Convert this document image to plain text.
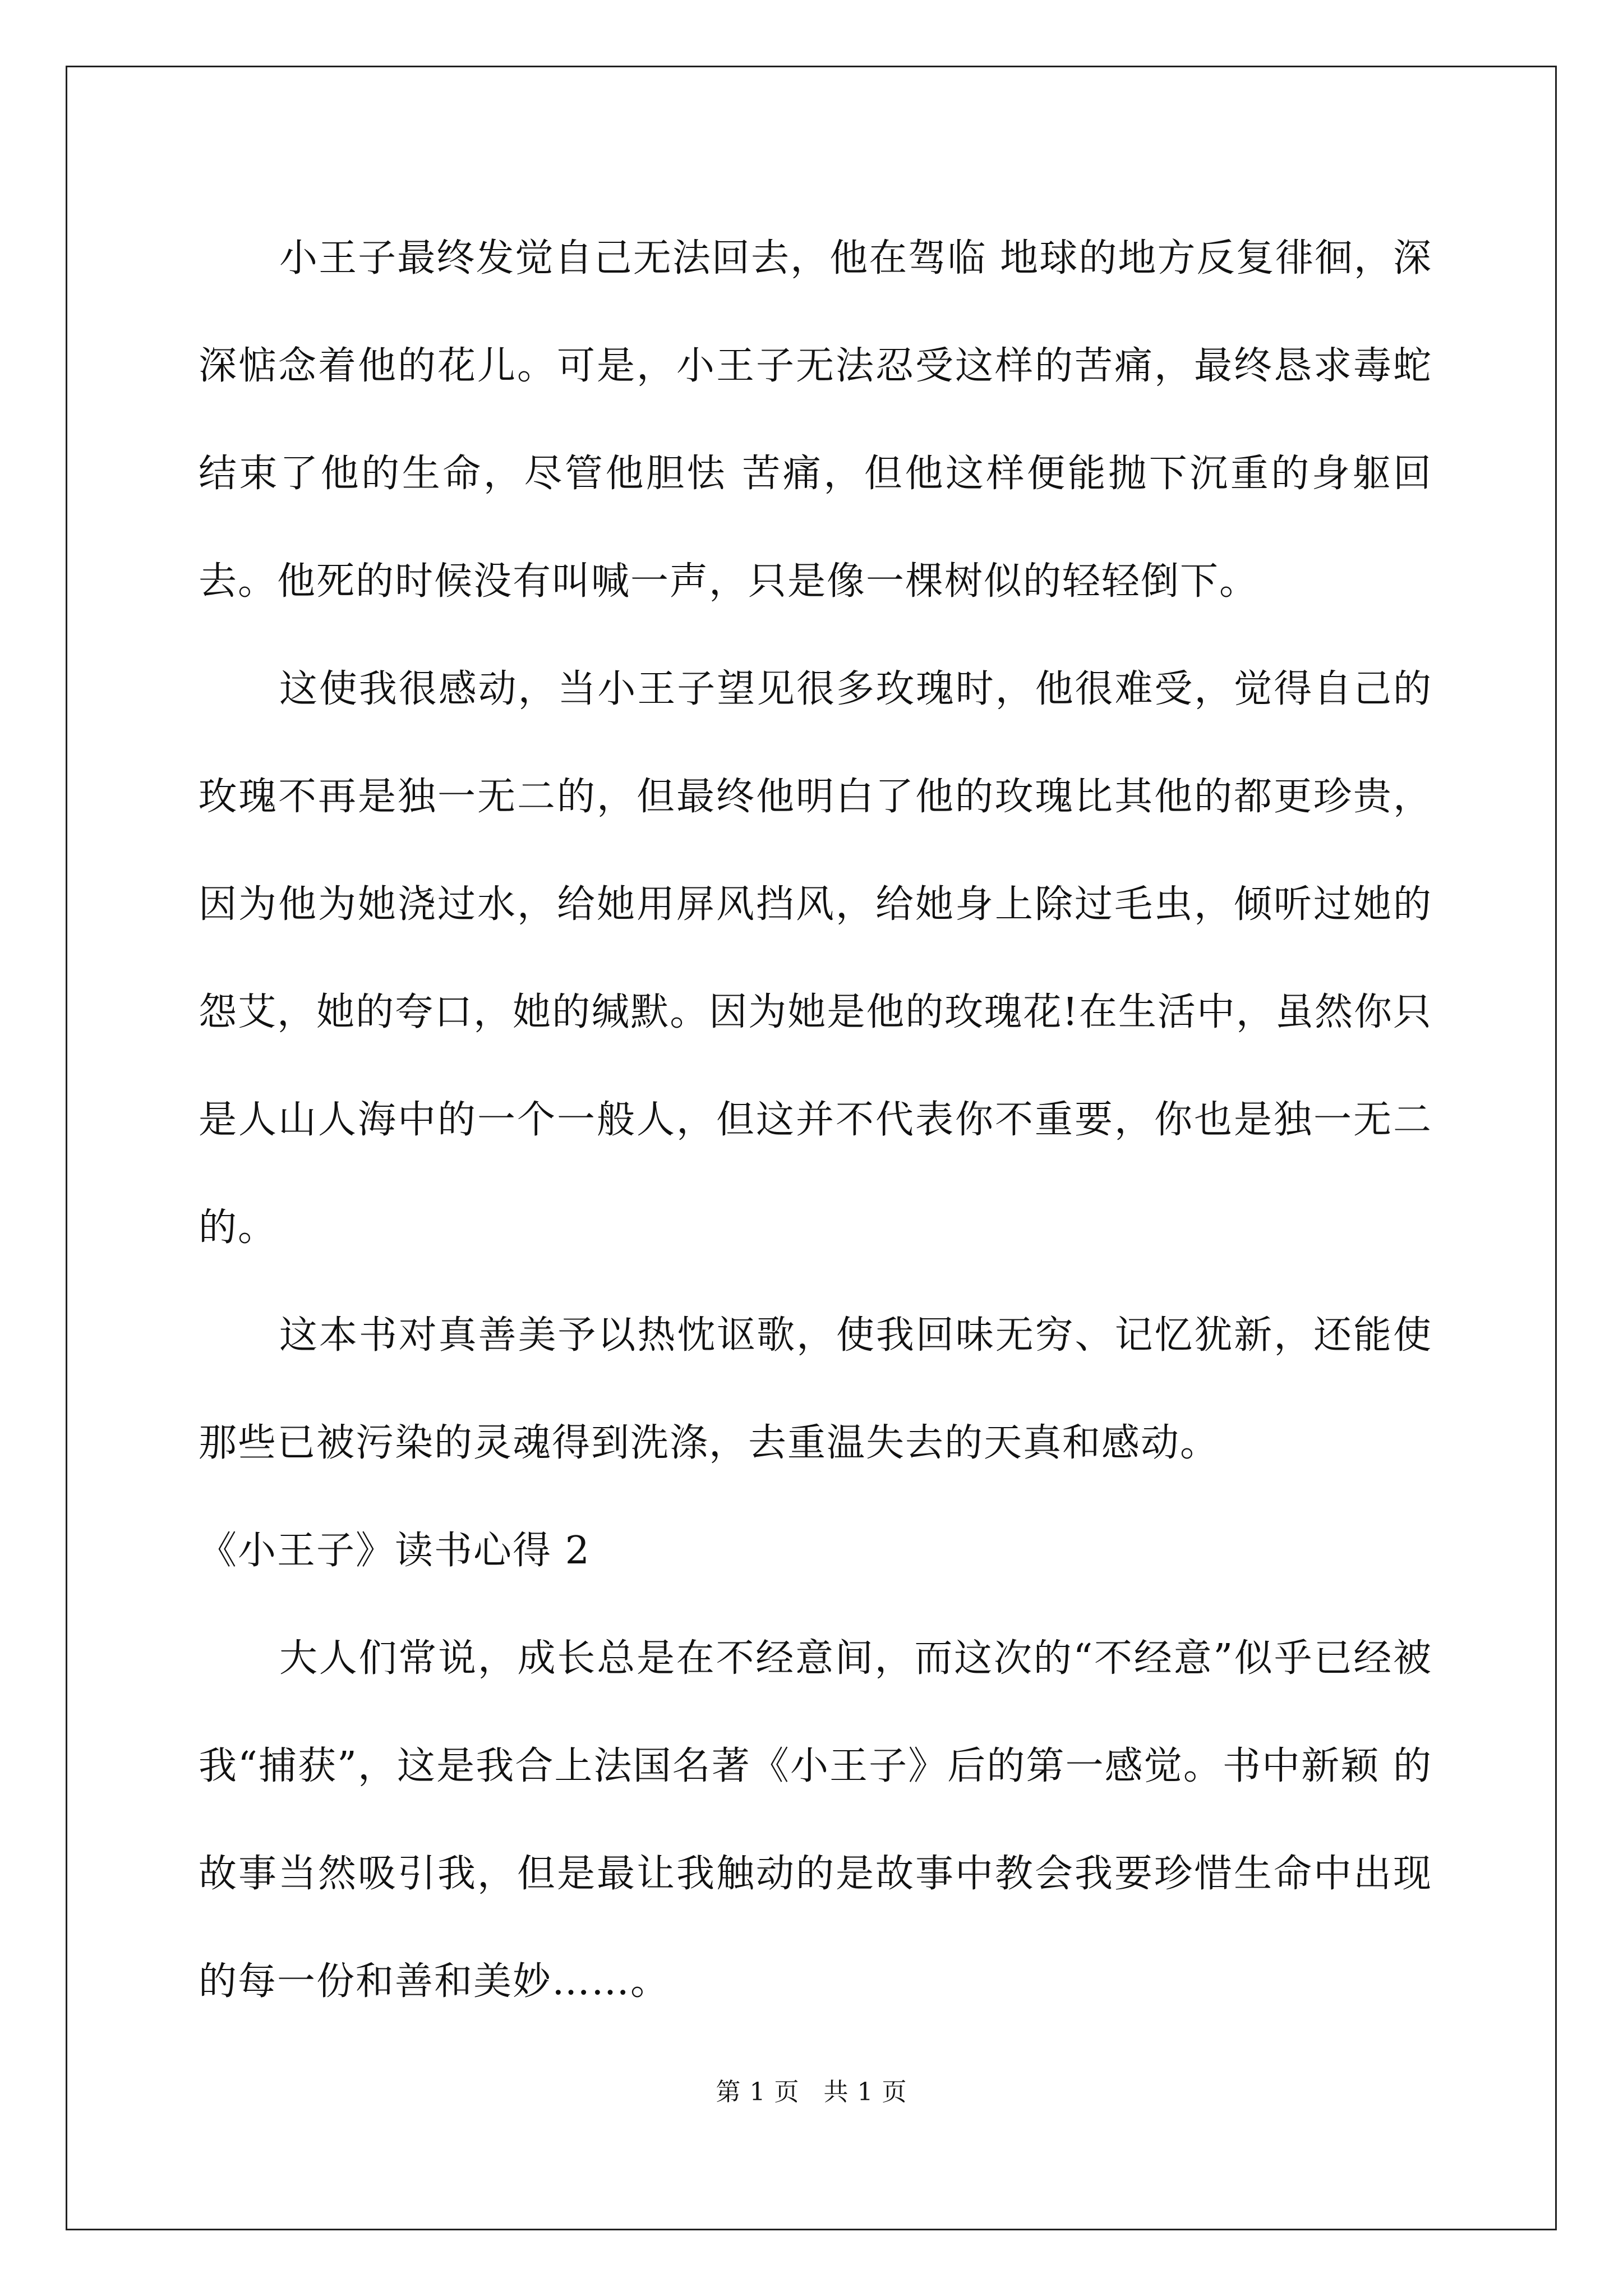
小王子最终发觉自己无法回去，他在驾临 地球的地方反复徘徊，深深惦念着他的花儿。可是，小王子无法忍受这样的苦痛，最终恳求毒蛇结束了他的生命，尽管他胆怯 苦痛，但他这样便能抛下沉重的身躯回去。他死的时候没有叫喊一声，只是像一棵树似的轻轻倒下。

这使我很感动，当小王子望见很多玫瑰时，他很难受，觉得自己的玫瑰不再是独一无二的，但最终他明白了他的玫瑰比其他的都更珍贵，因为他为她浇过水，给她用屏风挡风，给她身上除过毛虫，倾听过她的怨艾，她的夸口，她的缄默。因为她是他的玫瑰花!在生活中，虽然你只是人山人海中的一个一般人，但这并不代表你不重要，你也是独一无二的。

这本书对真善美予以热忱讴歌，使我回味无穷、记忆犹新，还能使那些已被污染的灵魂得到洗涤，去重温失去的天真和感动。

《小王子》读书心得 2

大人们常说，成长总是在不经意间，而这次的“不经意”似乎已经被我“捕获”，这是我合上法国名著《小王子》后的第一感觉。书中新颖 的故事当然吸引我，但是最让我触动的是故事中教会我要珍惜生命中出现的每一份和善和美妙……。

第 1 页 共 1 页
